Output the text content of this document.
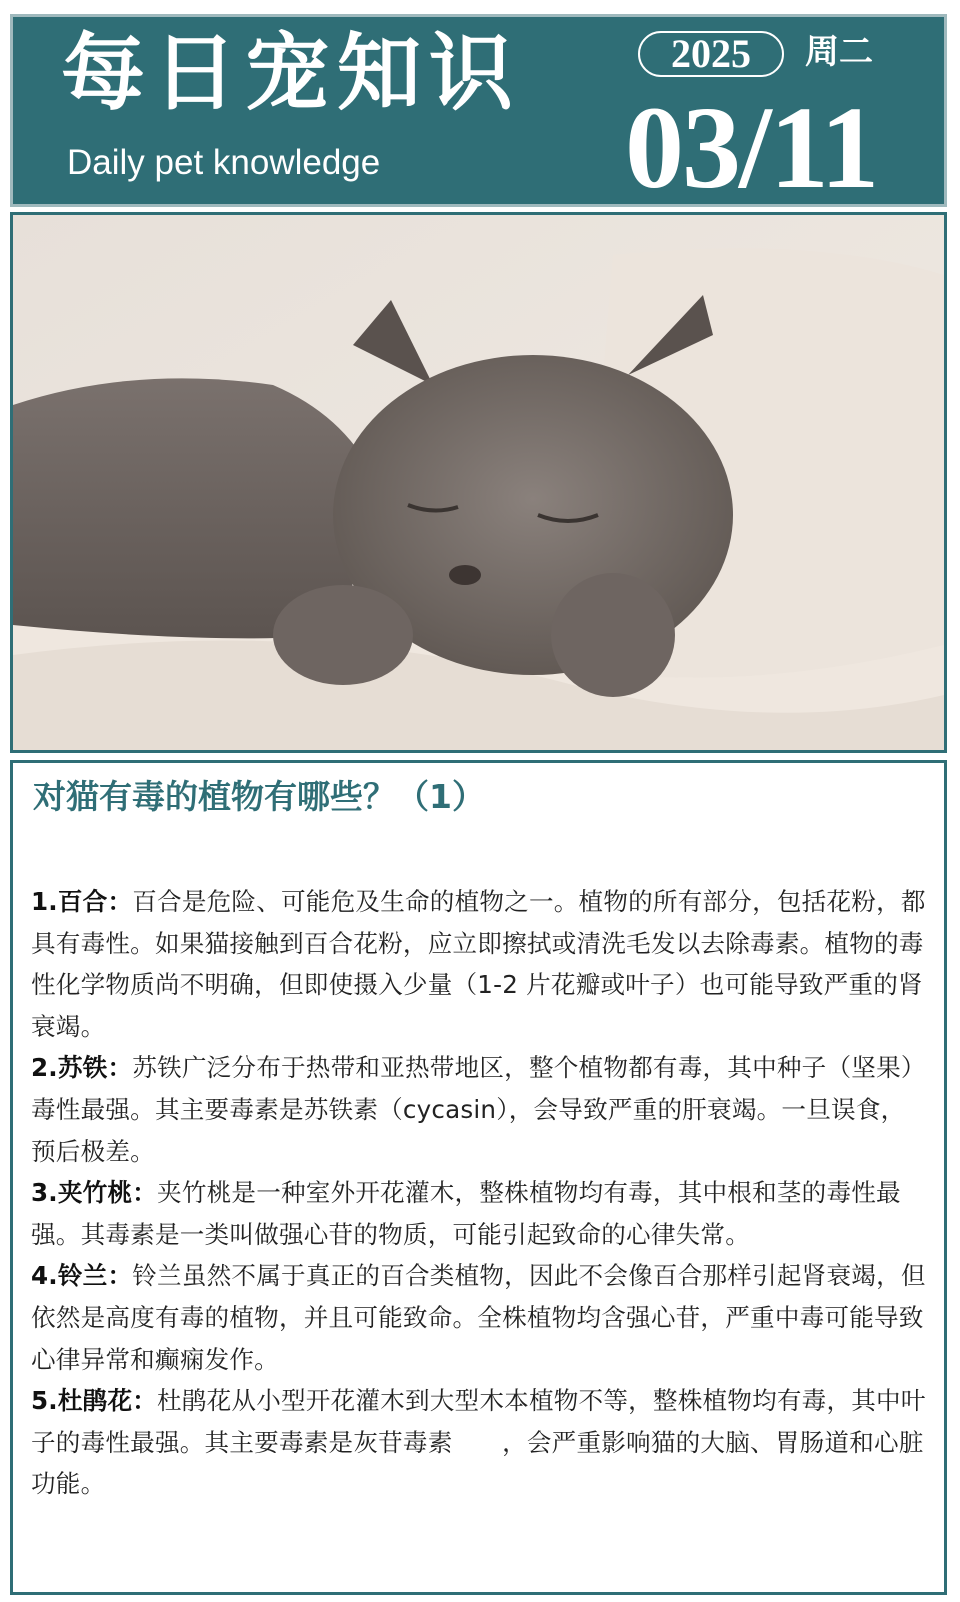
每日宠知识
Daily pet knowledge
2025	周二
03/11
对猫有毒的植物有哪些？（1）

1.百合：百合是危险、可能危及生命的植物之一。植物的所有部分，包括花粉，都具有毒性。如果猫接触到百合花粉，应立即擦拭或清洗毛发以去除毒素。植物的毒性化学物质尚不明确，但即使摄入少量（1-2 片花瓣或叶子）也可能导致严重的肾衰竭。

2.苏铁：苏铁广泛分布于热带和亚热带地区，整个植物都有毒，其中种子（坚果）毒性最强。其主要毒素是苏铁素（cycasin），会导致严重的肝衰竭。一旦误食，预后极差。

3.夹竹桃：夹竹桃是一种室外开花灌木，整株植物均有毒，其中根和茎的毒性最强。其毒素是一类叫做强心苷的物质，可能引起致命的心律失常。

4.铃兰：铃兰虽然不属于真正的百合类植物，因此不会像百合那样引起肾衰竭，但依然是高度有毒的植物，并且可能致命。全株植物均含强心苷，严重中毒可能导致心律异常和癫痫发作。

5.杜鹃花：杜鹃花从小型开花灌木到大型木本植物不等，整株植物均有毒，其中叶子的毒性最强。其主要毒素是灰苷毒素　　，会严重影响猫的大脑、胃肠道和心脏功能。
